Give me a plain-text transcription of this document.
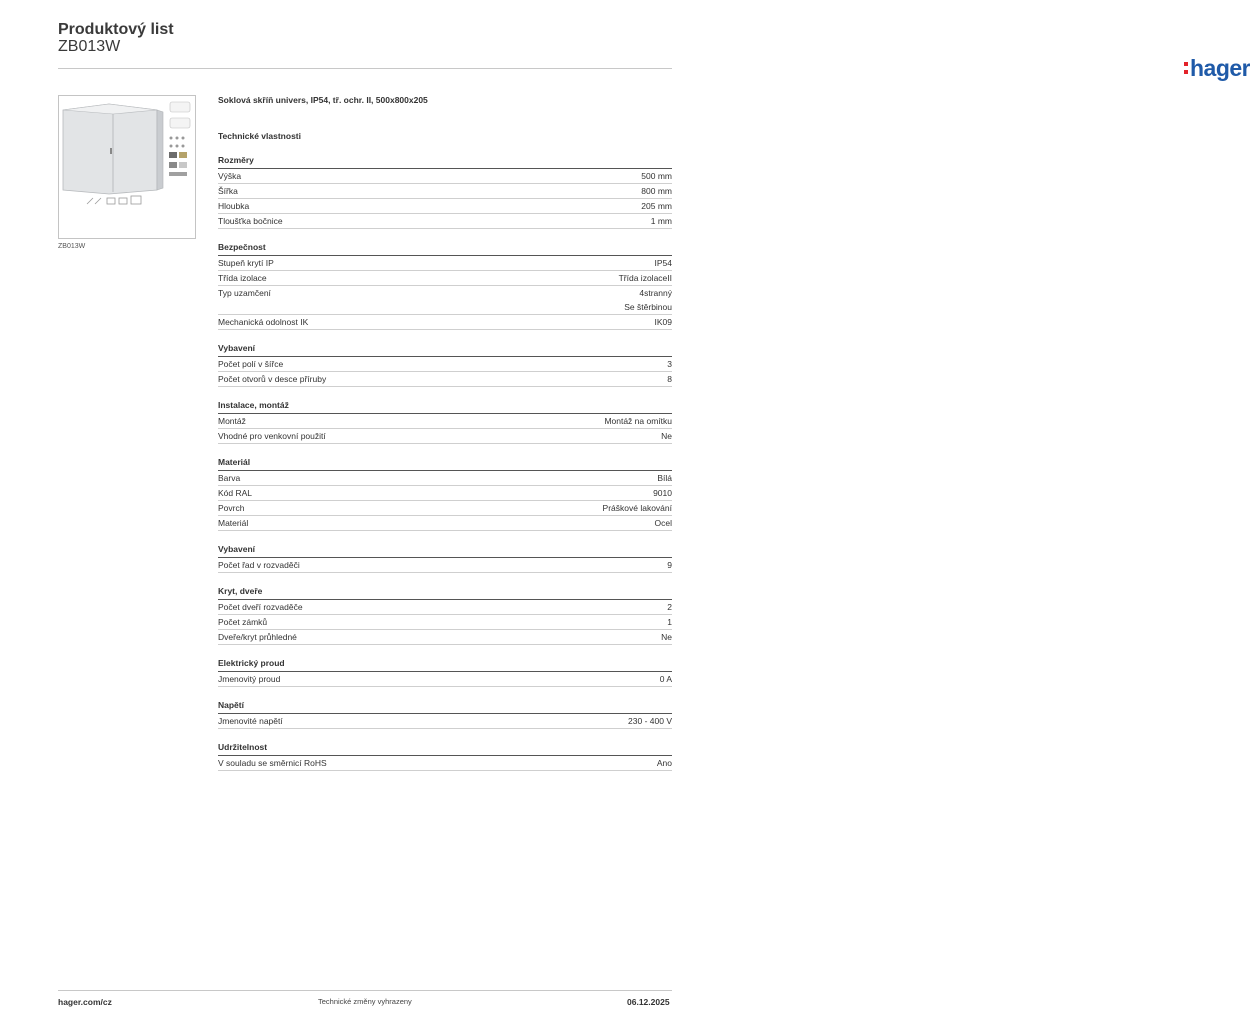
Produktový list
ZB013W
hager
ZB013W
Soklová skříň univers, IP54, tř. ochr. II, 500x800x205
Technické vlastnosti
Rozměry
Výška	500 mm
Šířka	800 mm
Hloubka	205 mm
Tloušťka bočnice	1 mm
Bezpečnost
Stupeň krytí IP	IP54
Třída izolace	Třída izolaceII
Typ uzamčení	4stranný
Se štěrbinou
Mechanická odolnost IK	IK09
Vybavení
Počet polí v šířce	3
Počet otvorů v desce příruby	8
Instalace, montáž
Montáž	Montáž na omítku
Vhodné pro venkovní použití	Ne
Materiál
Barva	Bílá
Kód RAL	9010
Povrch	Práškové lakování
Materiál	Ocel
Vybavení
Počet řad v rozvaděči	9
Kryt, dveře
Počet dveří rozvaděče	2
Počet zámků	1
Dveře/kryt průhledné	Ne
Elektrický proud
Jmenovitý proud	0 A
Napětí
Jmenovité napětí	230 - 400 V
Udržitelnost
V souladu se směrnicí RoHS	Ano
hager.com/cz	Technické změny vyhrazeny	06.12.2025
